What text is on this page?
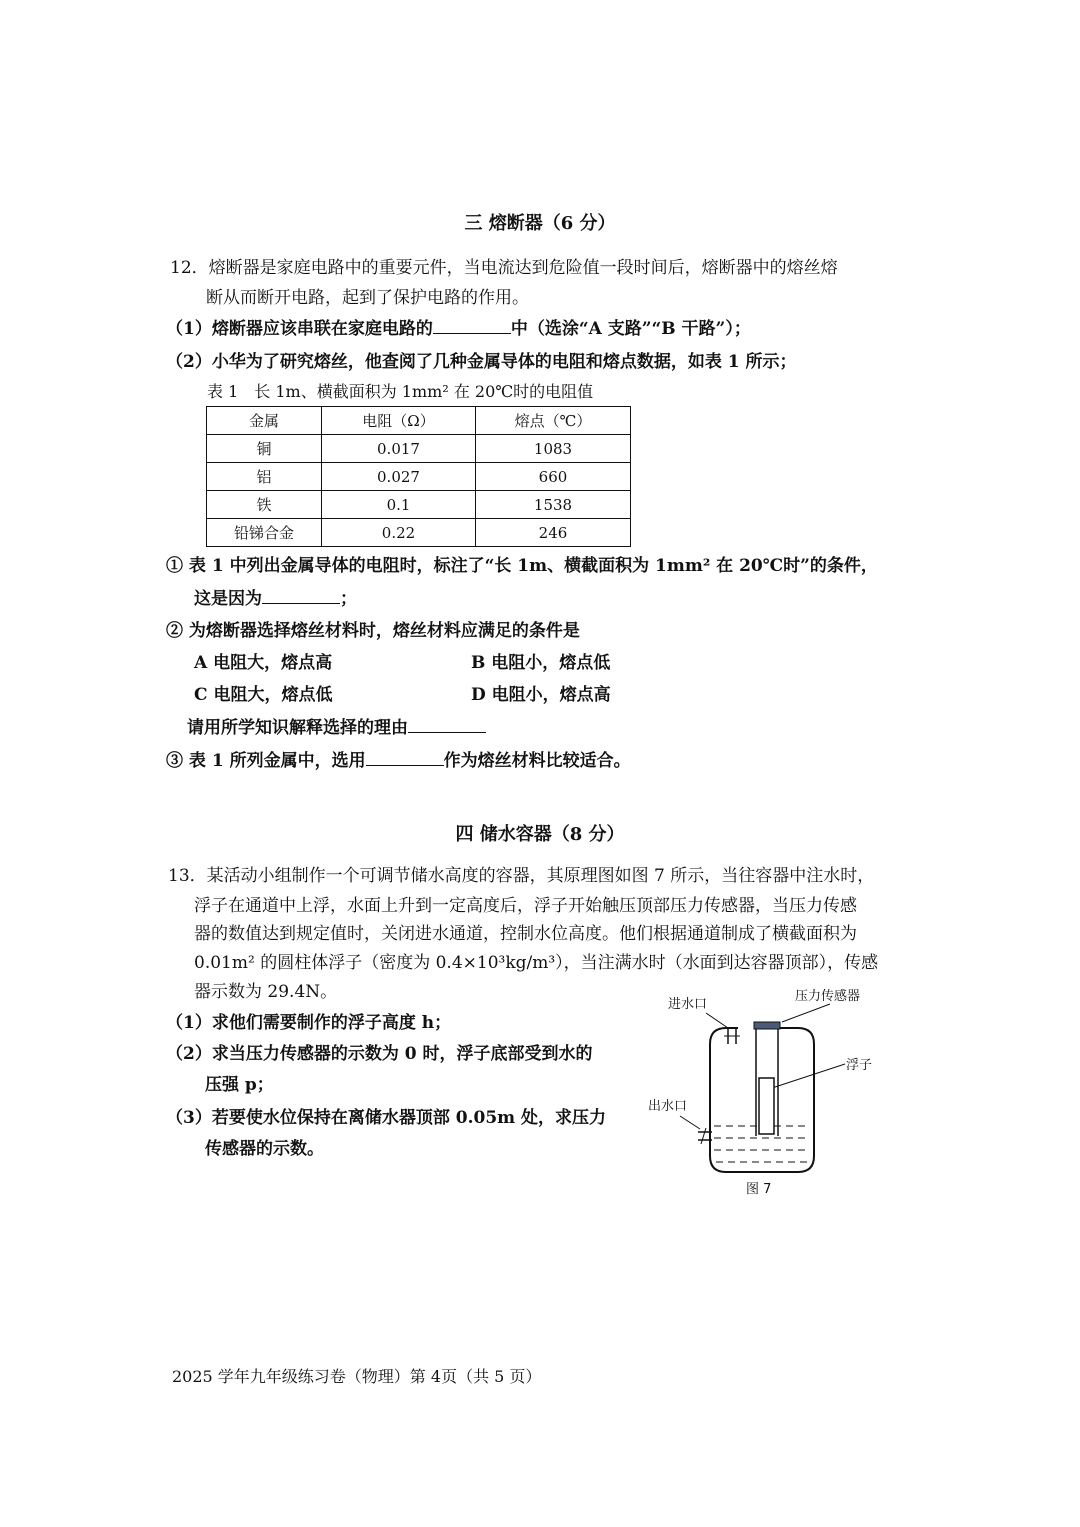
三 熔断器（6 分）
12．熔断器是家庭电路中的重要元件，当电流达到危险值一段时间后，熔断器中的熔丝熔
断从而断开电路，起到了保护电路的作用。
（1）熔断器应该串联在家庭电路的	中（选涂“A 支路”“B 干路”）；
（2）小华为了研究熔丝，他查阅了几种金属导体的电阻和熔点数据，如表 1 所示；
表 1　长 1m、横截面积为 1mm² 在 20℃时的电阻值
金属	电阻（Ω）	熔点（℃）
铜	0.017	1083
铝	0.027	660
铁	0.1	1538
铅锑合金	0.22	246
① 表 1 中列出金属导体的电阻时，标注了“长 1m、横截面积为 1mm² 在 20℃时”的条件，
这是因为	；
② 为熔断器选择熔丝材料时，熔丝材料应满足的条件是
A 电阻大，熔点高	B 电阻小，熔点低
C 电阻大，熔点低	D 电阻小，熔点高
请用所学知识解释选择的理由
③ 表 1 所列金属中，选用	作为熔丝材料比较适合。
四 储水容器（8 分）
13．某活动小组制作一个可调节储水高度的容器，其原理图如图 7 所示，当往容器中注水时，
浮子在通道中上浮，水面上升到一定高度后，浮子开始触压顶部压力传感器，当压力传感
器的数值达到规定值时，关闭进水通道，控制水位高度。他们根据通道制成了横截面积为
0.01m² 的圆柱体浮子（密度为 0.4×10³kg/m³），当注满水时（水面到达容器顶部），传感
器示数为 29.4N。
（1）求他们需要制作的浮子高度 h；
（2）求当压力传感器的示数为 0 时，浮子底部受到水的
压强 p；
（3）若要使水位保持在离储水器顶部 0.05m 处，求压力
传感器的示数。
进水口
压力传感器
浮子
出水口
图 7
2025 学年九年级练习卷（物理）第 4页（共 5 页）
